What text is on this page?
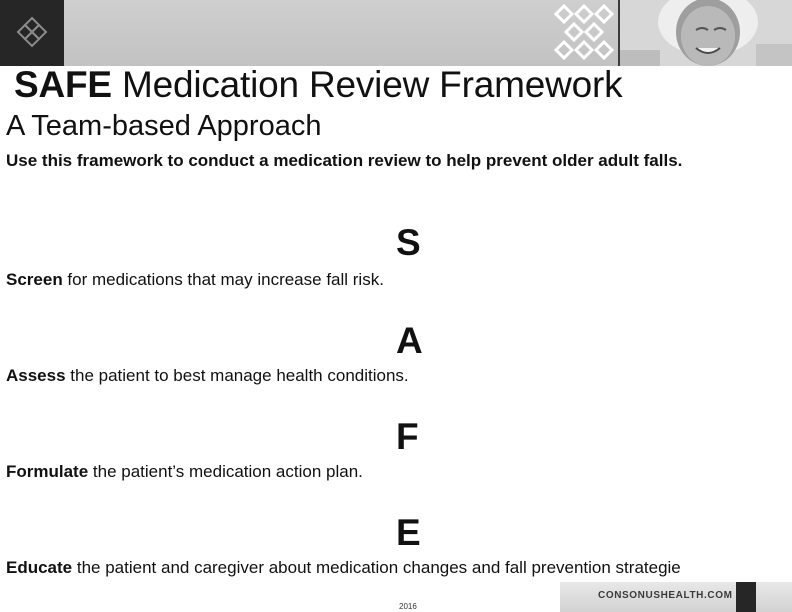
SAFE Medication Review Framework
A Team-based Approach

Use this framework to conduct a medication review to help prevent older adult falls.

S

Screen for medications that may increase fall risk.

A

Assess the patient to best manage health conditions.

F

Formulate the patient’s medication action plan.

E

Educate the patient and caregiver about medication changes and fall prevention strategie

CONSONUSHEALTH.COM
2016
